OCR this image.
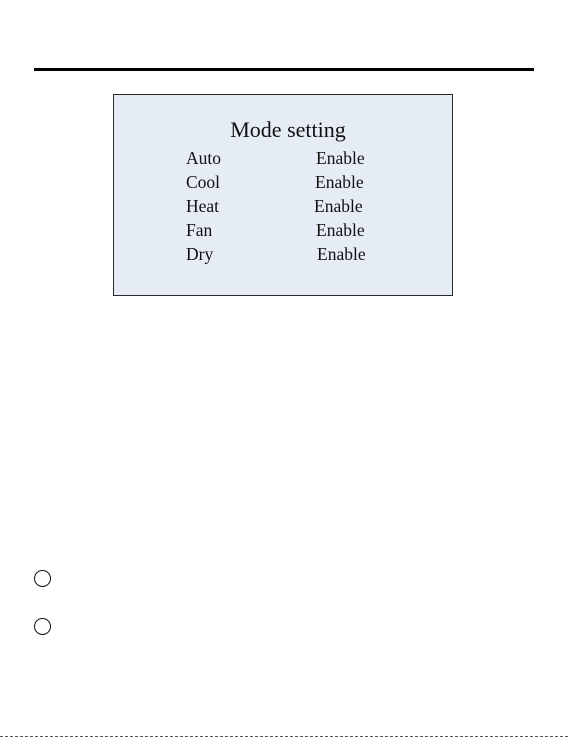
Mode setting
Auto	Enable
Cool	Enable
Heat	Enable
Fan	Enable
Dry	Enable
